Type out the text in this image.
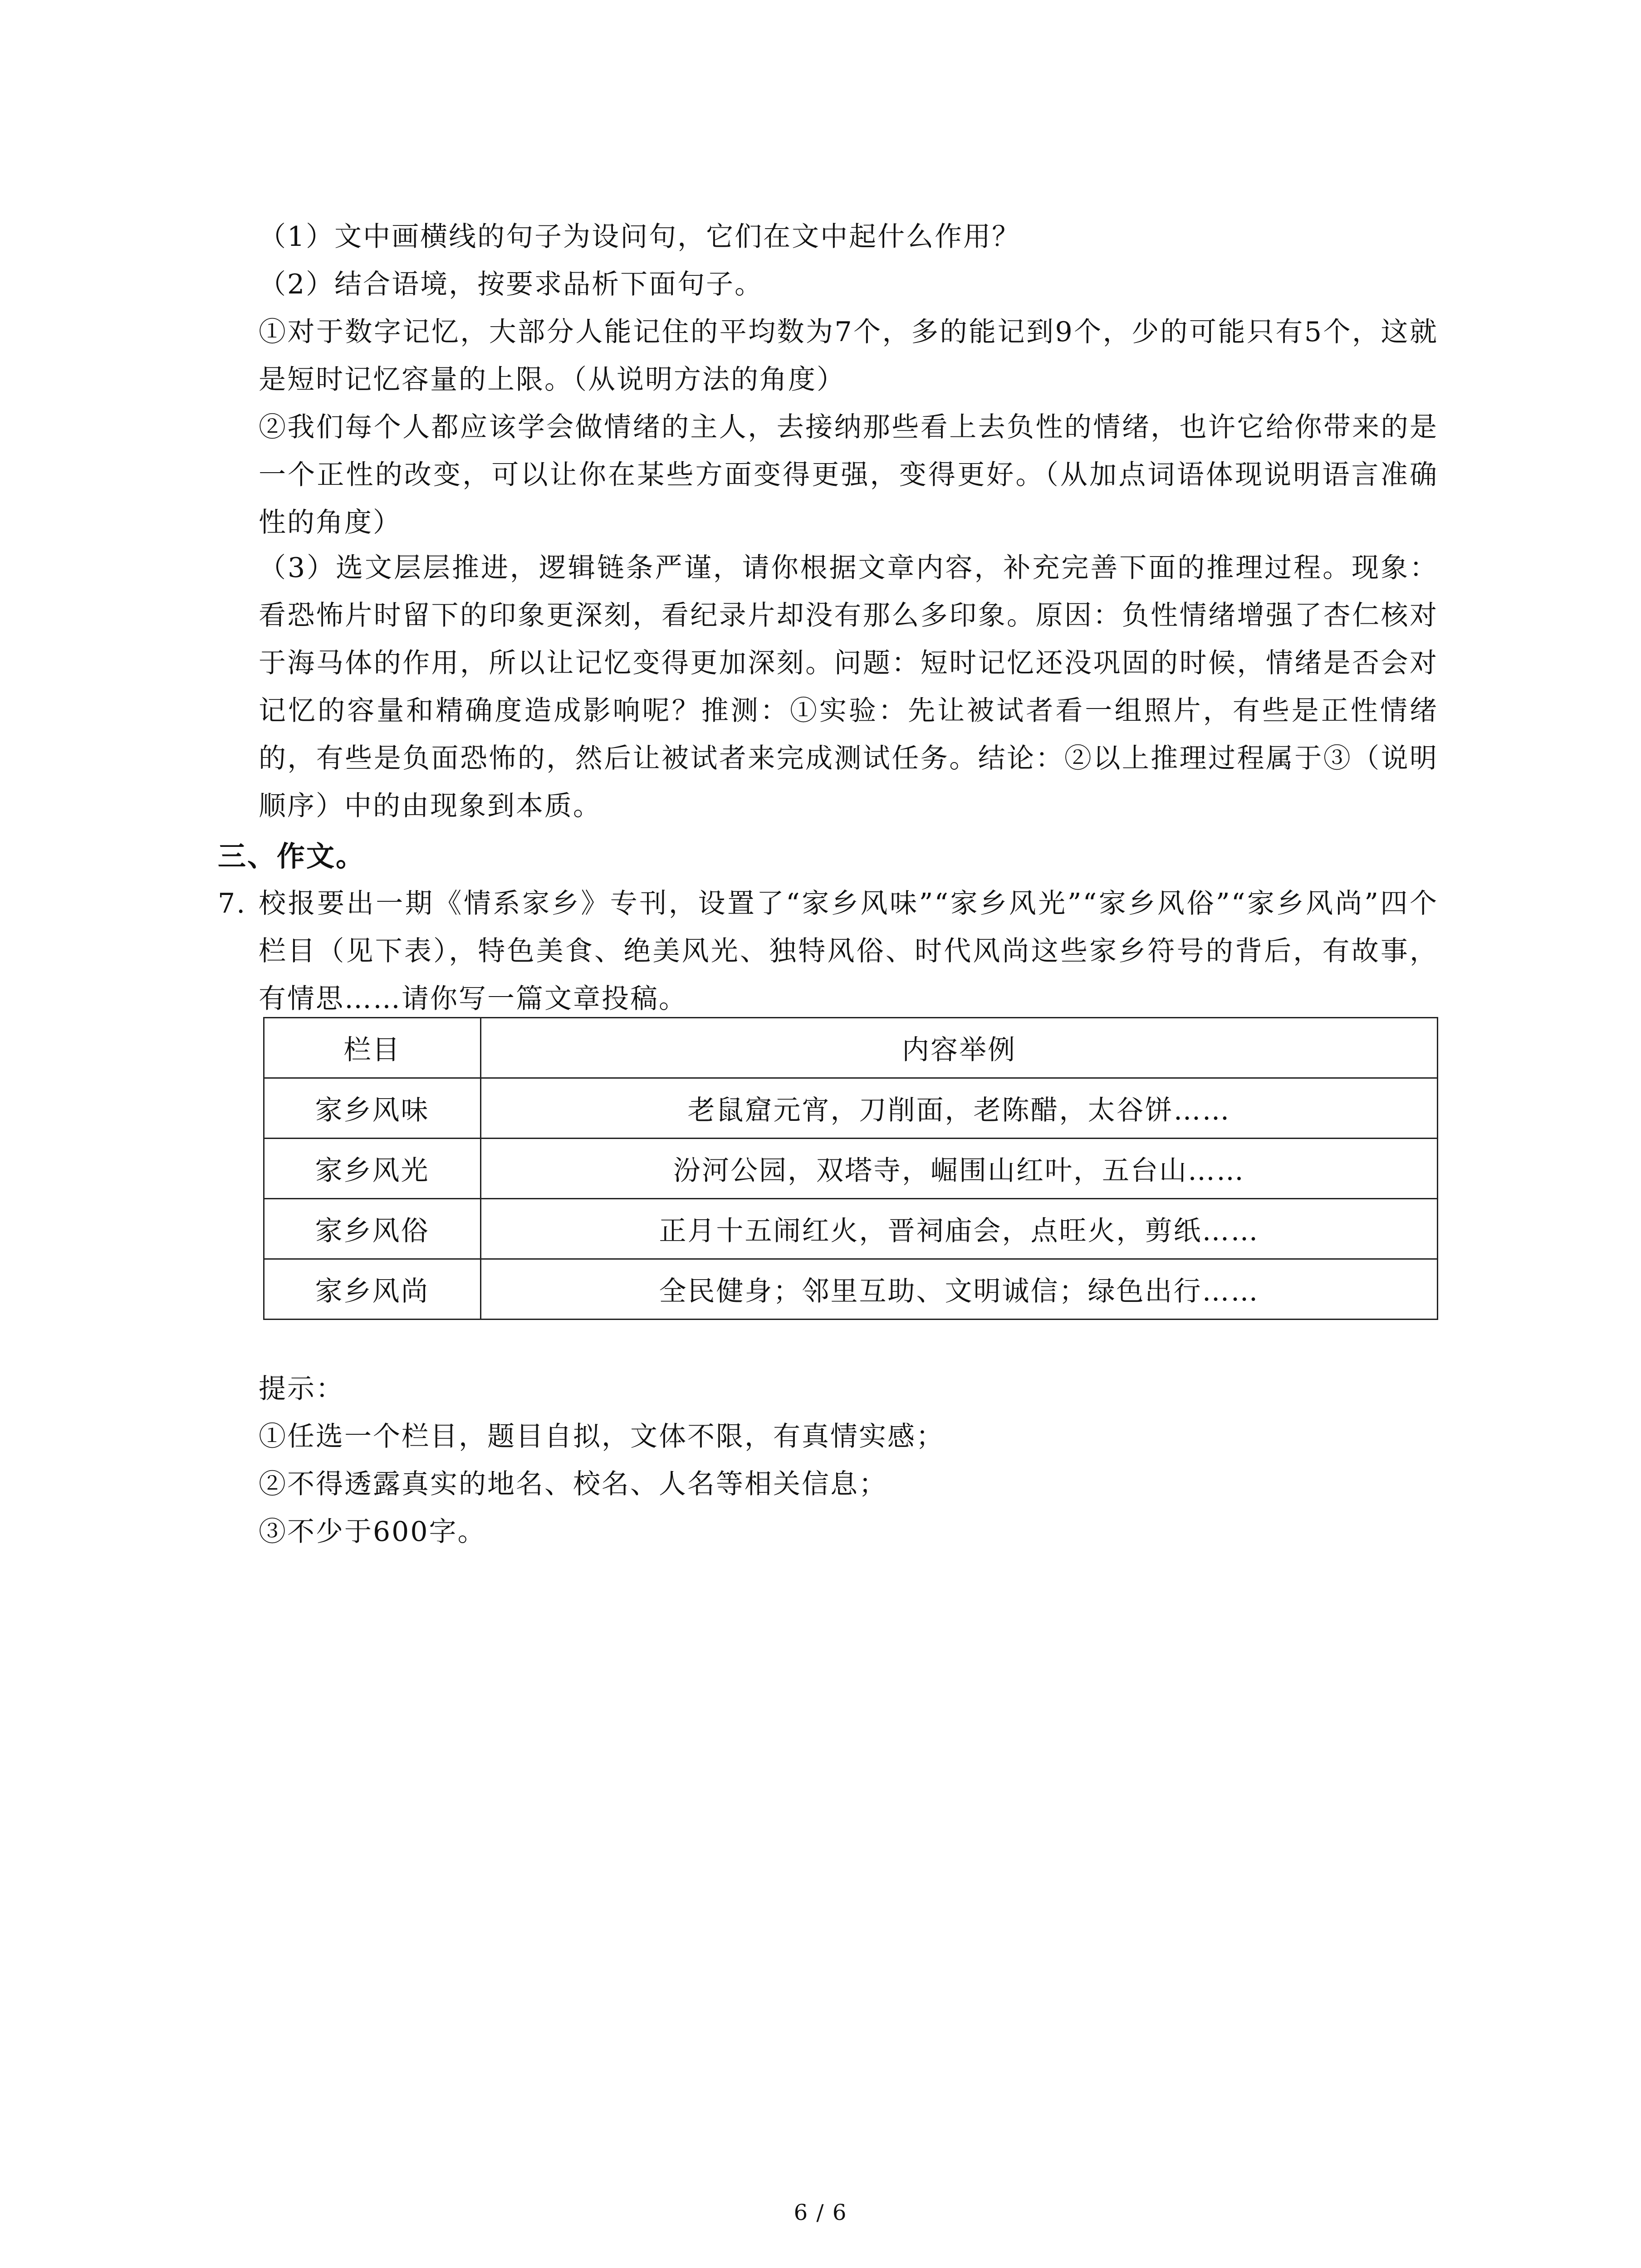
（1）文中画横线的句子为设问句，它们在文中起什么作用？

（2）结合语境，按要求品析下面句子。

①对于数字记忆，大部分人能记住的平均数为7个，多的能记到9个，少的可能只有5个，这就是短时记忆容量的上限。（从说明方法的角度）

②我们每个人都应该学会做情绪的主人，去接纳那些看上去负性的情绪，也许它给你带来的是一个正性的改变，可以让你在某些方面变得更强，变得更好。（从加点词语体现说明语言准确性的角度）

（3）选文层层推进，逻辑链条严谨，请你根据文章内容，补充完善下面的推理过程。现象：看恐怖片时留下的印象更深刻，看纪录片却没有那么多印象。原因：负性情绪增强了杏仁核对于海马体的作用，所以让记忆变得更加深刻。问题：短时记忆还没巩固的时候，情绪是否会对记忆的容量和精确度造成影响呢？推测：①实验：先让被试者看一组照片，有些是正性情绪的，有些是负面恐怖的，然后让被试者来完成测试任务。结论：②以上推理过程属于③（说明顺序）中的由现象到本质。

三、作文。
7. 校报要出一期《情系家乡》专刊，设置了“家乡风味”“家乡风光”“家乡风俗”“家乡风尚”四个栏目（见下表），特色美食、绝美风光、独特风俗、时代风尚这些家乡符号的背后，有故事，有情思……请你写一篇文章投稿。
栏目	内容举例
家乡风味	老鼠窟元宵，刀削面，老陈醋，太谷饼……
家乡风光	汾河公园，双塔寺，崛围山红叶，五台山……
家乡风俗	正月十五闹红火，晋祠庙会，点旺火，剪纸……
家乡风尚	全民健身；邻里互助、文明诚信；绿色出行……
提示：
①任选一个栏目，题目自拟，文体不限，有真情实感；
②不得透露真实的地名、校名、人名等相关信息；
③不少于600字。
6 / 6
